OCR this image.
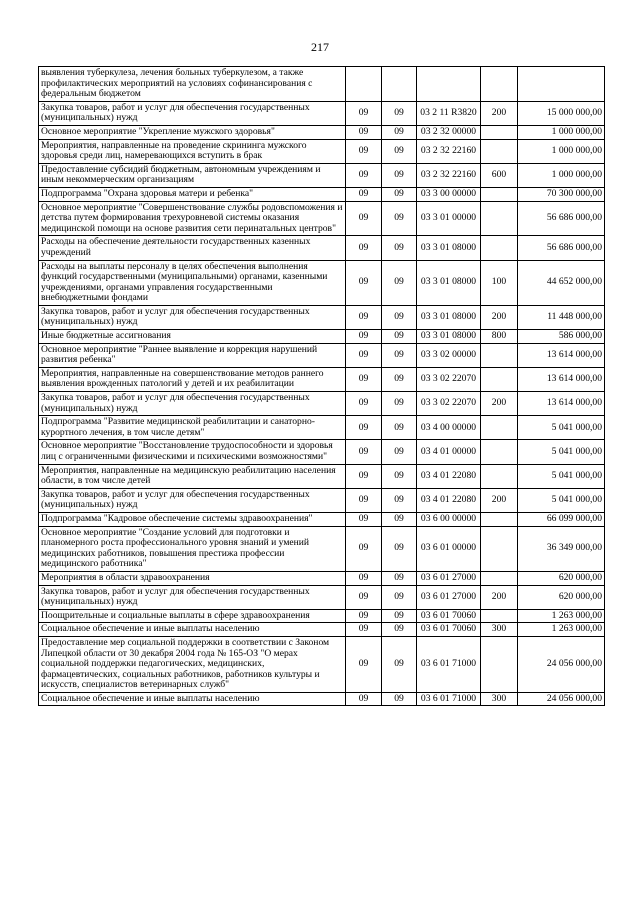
217
выявления туберкулеза, лечения больных туберкулезом, а также профилактических мероприятий на условиях софинансирования с федеральным бюджетом					
Закупка товаров, работ и услуг для обеспечения государственных (муниципальных) нужд	09	09	03 2 11 R3820	200	15 000 000,00
Основное мероприятие "Укрепление мужского здоровья"	09	09	03 2 32 00000		1 000 000,00
Мероприятия, направленные на проведение скрининга мужского здоровья среди лиц, намеревающихся вступить в брак	09	09	03 2 32 22160		1 000 000,00
Предоставление субсидий бюджетным, автономным учреждениям и иным некоммерческим организациям	09	09	03 2 32 22160	600	1 000 000,00
Подпрограмма "Охрана здоровья матери и ребенка"	09	09	03 3 00 00000		70 300 000,00
Основное мероприятие "Совершенствование службы родовспоможения и детства путем формирования трехуровневой системы оказания медицинской помощи на основе развития сети перинатальных центров"	09	09	03 3 01 00000		56 686 000,00
Расходы на обеспечение деятельности государственных казенных учреждений	09	09	03 3 01 08000		56 686 000,00
Расходы на выплаты персоналу в целях обеспечения выполнения функций государственными (муниципальными) органами, казенными учреждениями, органами управления государственными внебюджетными фондами	09	09	03 3 01 08000	100	44 652 000,00
Закупка товаров, работ и услуг для обеспечения государственных (муниципальных) нужд	09	09	03 3 01 08000	200	11 448 000,00
Иные бюджетные ассигнования	09	09	03 3 01 08000	800	586 000,00
Основное мероприятие "Раннее выявление и коррекция нарушений развития ребенка"	09	09	03 3 02 00000		13 614 000,00
Мероприятия, направленные на совершенствование методов раннего выявления врожденных патологий у детей и их реабилитации	09	09	03 3 02 22070		13 614 000,00
Закупка товаров, работ и услуг для обеспечения государственных (муниципальных) нужд	09	09	03 3 02 22070	200	13 614 000,00
Подпрограмма "Развитие медицинской реабилитации и санаторно-курортного лечения, в том числе детям"	09	09	03 4 00 00000		5 041 000,00
Основное мероприятие "Восстановление трудоспособности и здоровья лиц с ограниченными физическими и психическими возможностями"	09	09	03 4 01 00000		5 041 000,00
Мероприятия, направленные на медицинскую реабилитацию населения области, в том числе детей	09	09	03 4 01 22080		5 041 000,00
Закупка товаров, работ и услуг для обеспечения государственных (муниципальных) нужд	09	09	03 4 01 22080	200	5 041 000,00
Подпрограмма "Кадровое обеспечение системы здравоохранения"	09	09	03 6 00 00000		66 099 000,00
Основное мероприятие "Создание условий для подготовки и планомерного роста профессионального уровня знаний и умений медицинских работников, повышения престижа профессии медицинского работника"	09	09	03 6 01 00000		36 349 000,00
Мероприятия в области здравоохранения	09	09	03 6 01 27000		620 000,00
Закупка товаров, работ и услуг для обеспечения государственных (муниципальных) нужд	09	09	03 6 01 27000	200	620 000,00
Поощрительные и социальные выплаты в сфере здравоохранения	09	09	03 6 01 70060		1 263 000,00
Социальное обеспечение и иные выплаты населению	09	09	03 6 01 70060	300	1 263 000,00
Предоставление мер социальной поддержки в соответствии с Законом Липецкой области от 30 декабря 2004 года № 165-ОЗ "О мерах социальной поддержки педагогических, медицинских, фармацевтических, социальных работников, работников культуры и искусств, специалистов ветеринарных служб"	09	09	03 6 01 71000		24 056 000,00
Социальное обеспечение и иные выплаты населению	09	09	03 6 01 71000	300	24 056 000,00
